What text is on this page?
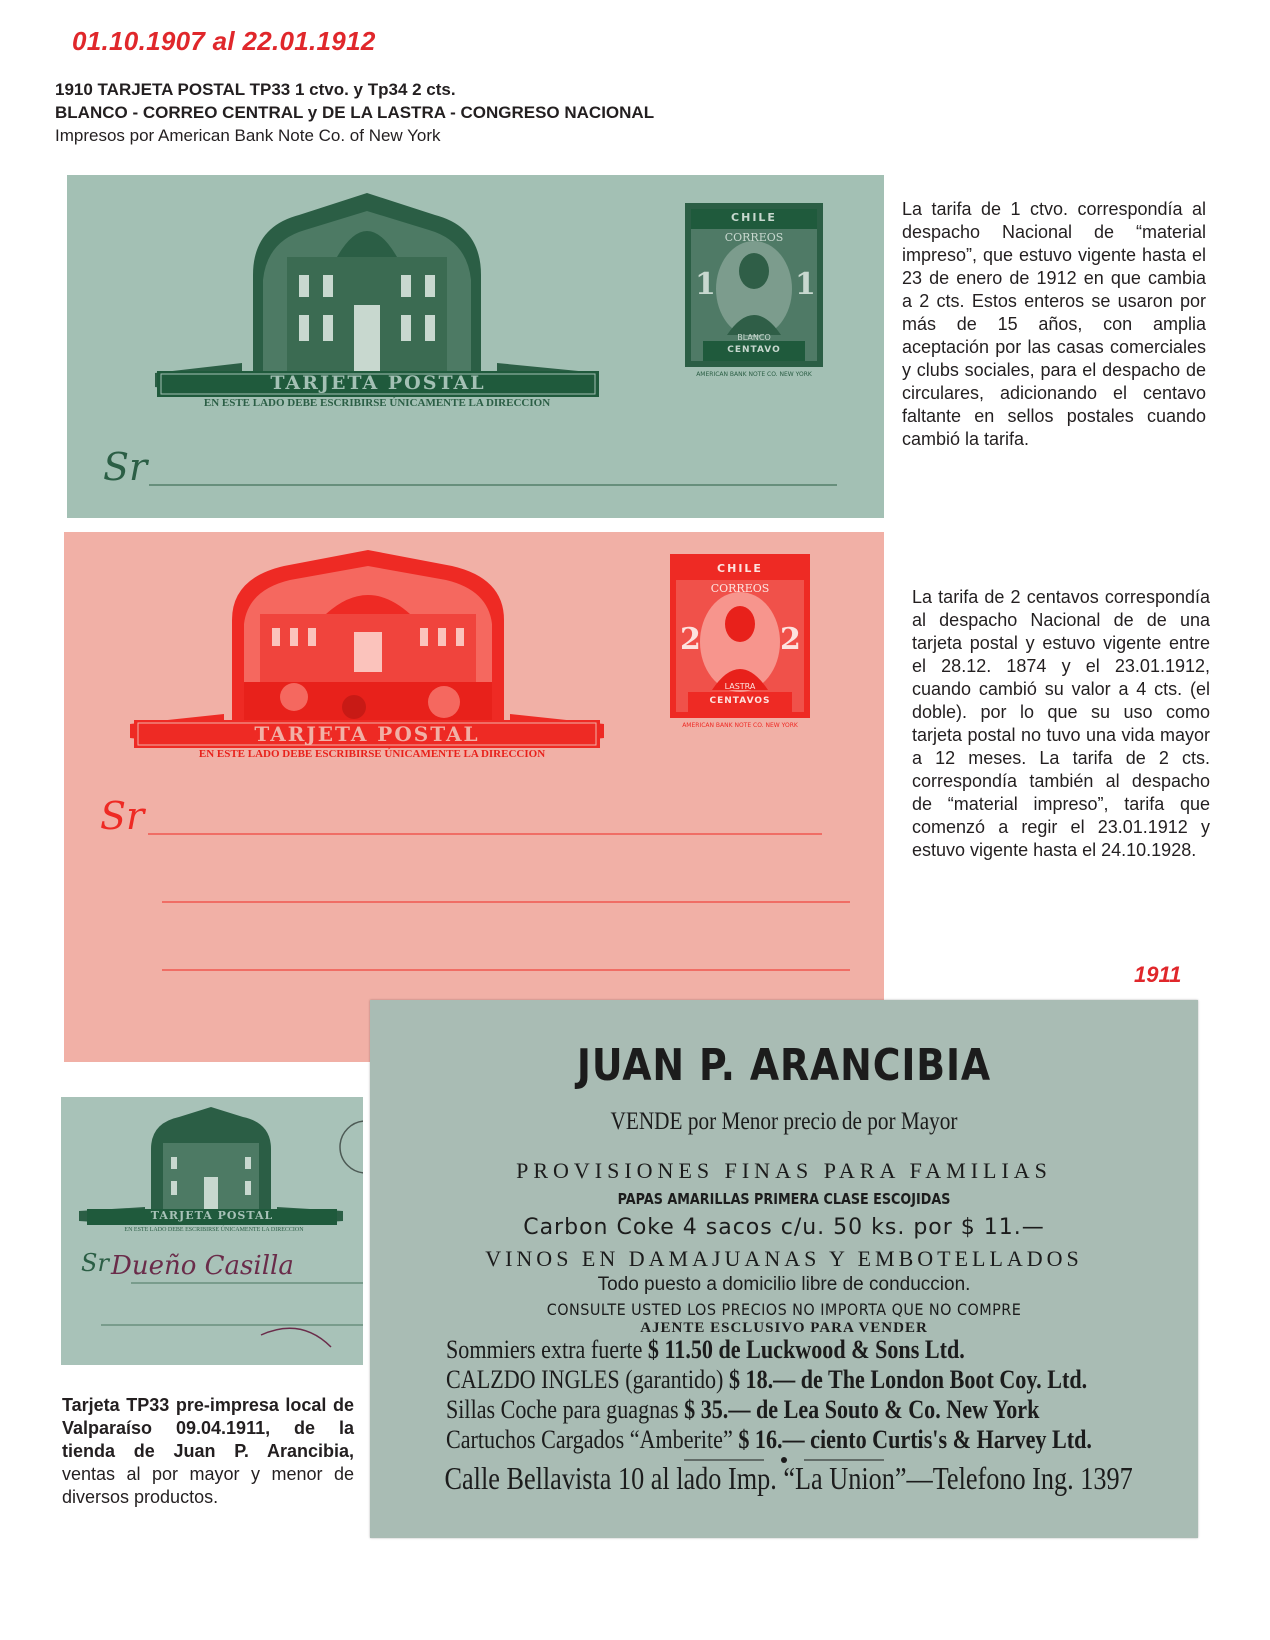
01.10.1907 al 22.01.1912
1910 TARJETA POSTAL TP33 1 ctvo. y Tp34 2 cts.
BLANCO - CORREO CENTRAL y DE LA LASTRA - CONGRESO NACIONAL
Impresos por American Bank Note Co. of New York
TARJETA POSTAL
EN ESTE LADO DEBE ESCRIBIRSE ÚNICAMENTE LA DIRECCION
Sr
CHILE
CORREOS
1	1
BLANCO
CENTAVO
AMERICAN BANK NOTE CO. NEW YORK
TARJETA POSTAL
EN ESTE LADO DEBE ESCRIBIRSE ÚNICAMENTE LA DIRECCION
Sr
CHILE
CORREOS
2	2
LASTRA
CENTAVOS
AMERICAN BANK NOTE CO. NEW YORK
La tarifa de 1 ctvo. correspondía al despacho Nacional de “material impreso”, que estuvo vigente hasta el 23 de enero de 1912 en que cambia a 2 cts. Estos enteros se usaron por más de 15 años, con amplia aceptación por las casas comerciales y clubs sociales, para el despacho de circulares, adicionando el centavo faltante en sellos postales cuando cambió la tarifa.
La tarifa de 2 centavos correspondía al despacho Nacional de de una tarjeta postal y estuvo vigente entre el 28.12. 1874 y el 23.01.1912, cuando cambió su valor a 4 cts. (el doble). por lo que su uso como tarjeta postal no tuvo una vida mayor a 12 meses. La tarifa de 2 cts. correspondía también al despacho de “material impreso”, tarifa que comenzó a regir el 23.01.1912 y estuvo vigente hasta el 24.10.1928.
1911
TARJETA POSTAL
EN ESTE LADO DEBE ESCRIBIRSE ÚNICAMENTE LA DIRECCION
Sr Dueño Casilla
Tarjeta TP33 pre-impresa local de Valparaíso 09.04.1911, de la tienda de Juan P. Arancibia, ventas al por mayor y menor de diversos productos.
JUAN P. ARANCIBIA
VENDE por Menor precio de por Mayor
PROVISIONES FINAS PARA FAMILIAS
PAPAS AMARILLAS PRIMERA CLASE ESCOJIDAS
Carbon Coke 4 sacos c/u. 50 ks. por $ 11.—
VINOS EN DAMAJUANAS Y EMBOTELLADOS
Todo puesto a domicilio libre de conduccion.
CONSULTE USTED LOS PRECIOS NO IMPORTA QUE NO COMPRE
AJENTE ESCLUSIVO PARA VENDER
Sommiers extra fuerte $ 11.50 de Luckwood & Sons Ltd.
CALZDO INGLES (garantido) $ 18.— de The London Boot Coy. Ltd.
Sillas Coche para guagnas $ 35.— de Lea Souto & Co. New York
Cartuchos Cargados “Amberite” $ 16.— ciento Curtis's & Harvey Ltd.
Calle Bellavista 10 al lado Imp. “La Union”—Telefono Ing. 1397
